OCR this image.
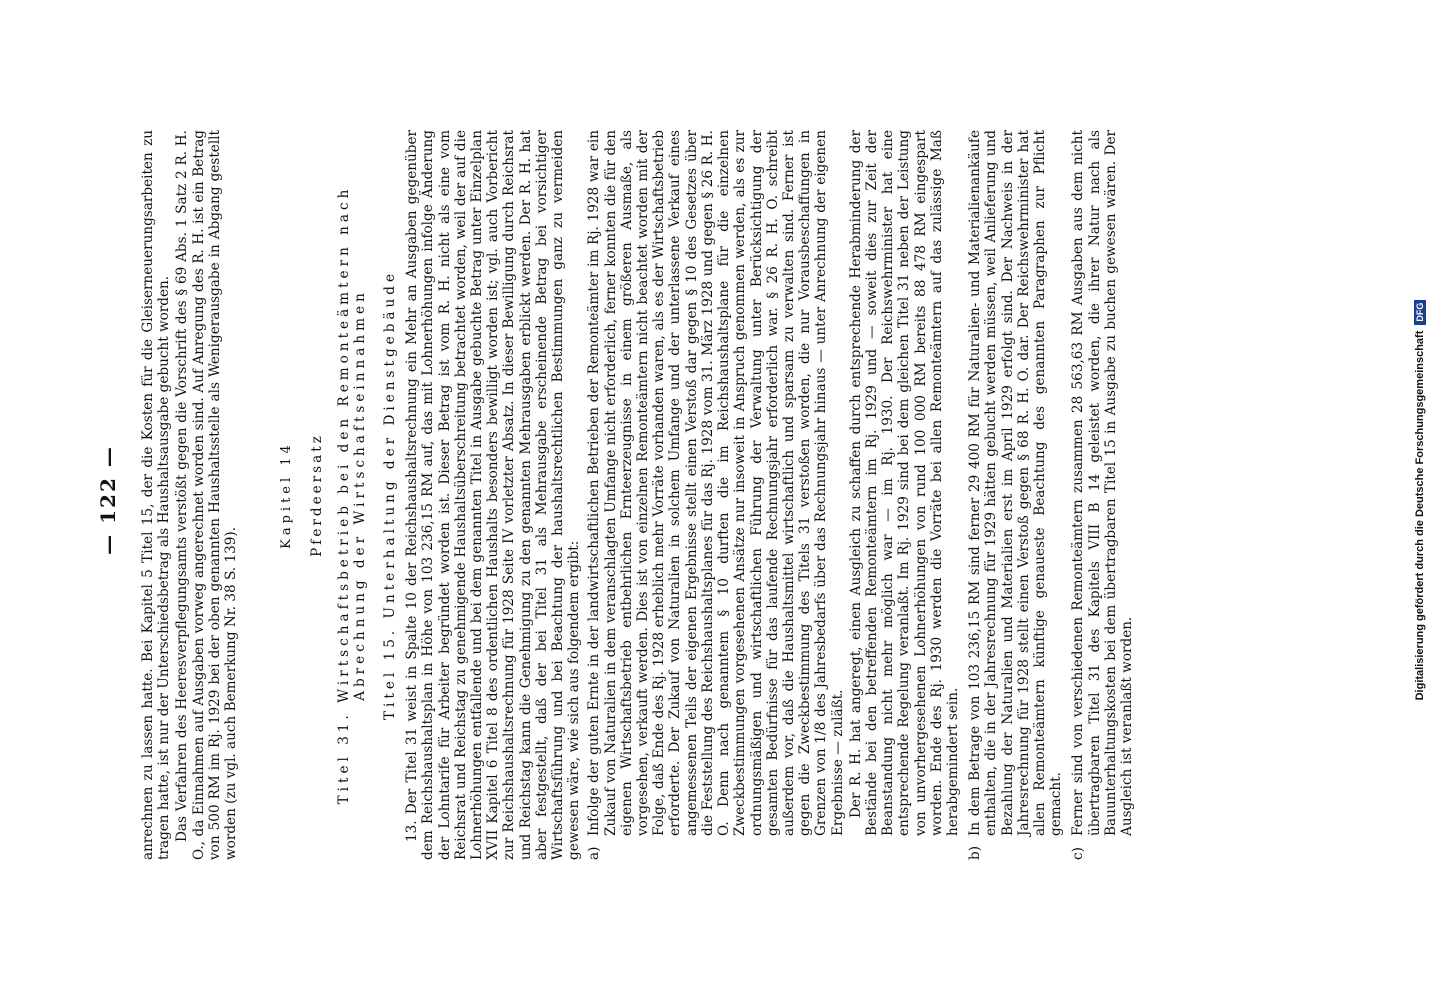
— 122 — anrechnen zu lassen hatte. Bei Kapitel 5 Titel 15, der die Kosten für die Gleiserneuerungsarbeiten zu tragen hatte, ist nur der Unterschiedsbetrag als Haushaltsausgabe gebucht worden. Das Verfahren des Heeresverpflegungsamts verstößt gegen die Vorschrift des § 69 Abs. 1 Satz 2 R. H. O., da Einnahmen auf Ausgaben vorweg angerechnet worden sind. Auf Anregung des R. H. ist ein Betrag von 500 RM im Rj. 1929 bei der oben genannten Haushaltsstelle als Wenigerausgabe in Abgang gestellt worden (zu vgl. auch Bemerkung Nr. 38 S. 139).

Kapitel 14 Pferdeersatz Titel 31. Wirtschaftsbetrieb bei den Remonteämtern nach Abrechnung der Wirtschaftseinnahmen Titel 15. Unterhaltung der Dienstgebäude 13. Der Titel 31 weist in Spalte 10 der Reichshaushaltsrechnung ein Mehr an Ausgaben gegenüber dem Reichshaushaltsplan in Höhe von 103 236,15 RM auf, das mit Lohnerhöhungen infolge Änderung der Lohntarife für Arbeiter begründet worden ist. Dieser Betrag ist vom R. H. nicht als eine vom Reichsrat und Reichstag zu genehmigende Haushaltsüberschreitung betrachtet worden, weil der auf die Lohnerhöhungen entfallende und bei dem genannten Titel in Ausgabe gebuchte Betrag unter Einzelplan XVII Kapitel 6 Titel 8 des ordentlichen Haushalts besonders bewilligt worden ist; vgl. auch Vorbericht zur Reichshaushaltsrechnung für 1928 Seite IV vorletzter Absatz. In dieser Bewilligung durch Reichsrat und Reichstag kann die Genehmigung zu den genannten Mehrausgaben erblickt werden. Der R. H. hat aber festgestellt, daß der bei Titel 31 als Mehrausgabe erscheinende Betrag bei vorsichtiger Wirtschaftsführung und bei Beachtung der haushaltsrechtlichen Bestimmungen ganz zu vermeiden gewesen wäre, wie sich aus folgendem ergibt: a)

Infolge der guten Ernte in der landwirtschaftlichen Betrieben der Remonteämter im Rj. 1928 war ein Zukauf von Naturalien in dem veranschlagten Umfange nicht erforderlich, ferner konnten die für den eigenen Wirtschaftsbetrieb entbehrlichen Ernteerzeugnisse in einem größeren Ausmaße, als vorgesehen, verkauft werden. Dies ist von einzelnen Remonteämtern nicht beachtet worden mit der Folge, daß Ende des Rj. 1928 erheblich mehr Vorräte vorhanden waren, als es der Wirtschaftsbetrieb erforderte. Der Zukauf von Naturalien in solchem Umfange und der unterlassene Verkauf eines angemessenen Teils der eigenen Ergebnisse stellt einen Verstoß dar gegen § 10 des Gesetzes über die Feststellung des Reichshaushaltsplanes für das Rj. 1928 vom 31. März 1928 und gegen § 26 R. H. O. Denn nach genanntem § 10 durften die im Reichshaushaltsplane für die einzelnen Zweckbestimmungen vorgesehenen Ansätze nur insoweit in Anspruch genommen werden, als es zur ordnungsmäßigen und wirtschaftlichen Führung der Verwaltung unter Berücksichtigung der gesamten Bedürfnisse für das laufende Rechnungsjahr erforderlich war. § 26 R. H. O. schreibt außerdem vor, daß die Haushaltsmittel wirtschaftlich und sparsam zu verwalten sind. Ferner ist gegen die Zweckbestimmung des Titels 31 verstoßen worden, die nur Vorausbeschaffungen in Grenzen von 1/8 des Jahresbedarfs über das Rechnungsjahr hinaus — unter Anrechnung der eigenen Ergebnisse — zuläßt. Der R. H. hat angeregt, einen Ausgleich zu schaffen durch entsprechende Herabminderung der Bestände bei den betreffenden Remonteämtern im Rj. 1929 und — soweit dies zur Zeit der Beanstandung nicht mehr möglich war — im Rj. 1930. Der Reichswehrminister hat eine entsprechende Regelung veranlaßt. Im Rj. 1929 sind bei dem gleichen Titel 31 neben der Leistung von unvorhergesehenen Lohnerhöhungen von rund 100 000 RM bereits 88 478 RM eingespart worden. Ende des Rj. 1930 werden die Vorräte bei allen Remonteämtern auf das zulässige Maß herabgemindert sein.

b)

In dem Betrage von 103 236,15 RM sind ferner 29 400 RM für Naturalien- und Materialienankäufe enthalten, die in der Jahresrechnung für 1929 hätten gebucht werden müssen, weil Anlieferung und Bezahlung der Naturalien und Materialien erst im April 1929 erfolgt sind. Der Nachweis in der Jahresrechnung für 1928 stellt einen Verstoß gegen § 68 R. H. O. dar. Der Reichswehrminister hat allen Remonteämtern künftige genaueste Beachtung des genannten Paragraphen zur Pflicht gemacht.

c)

Ferner sind von verschiedenen Remonteämtern zusammen 28 563,63 RM Ausgaben aus dem nicht übertragbaren Titel 31 des Kapitels VIII B 14 geleistet worden, die ihrer Natur nach als Bauunterhaltungskosten bei dem übertragbaren Titel 15 in Ausgabe zu buchen gewesen wären. Der Ausgleich ist veranlaßt worden.

Digitalisierung gefördert durch die Deutsche Forschungsgemeinschaft
DFG
